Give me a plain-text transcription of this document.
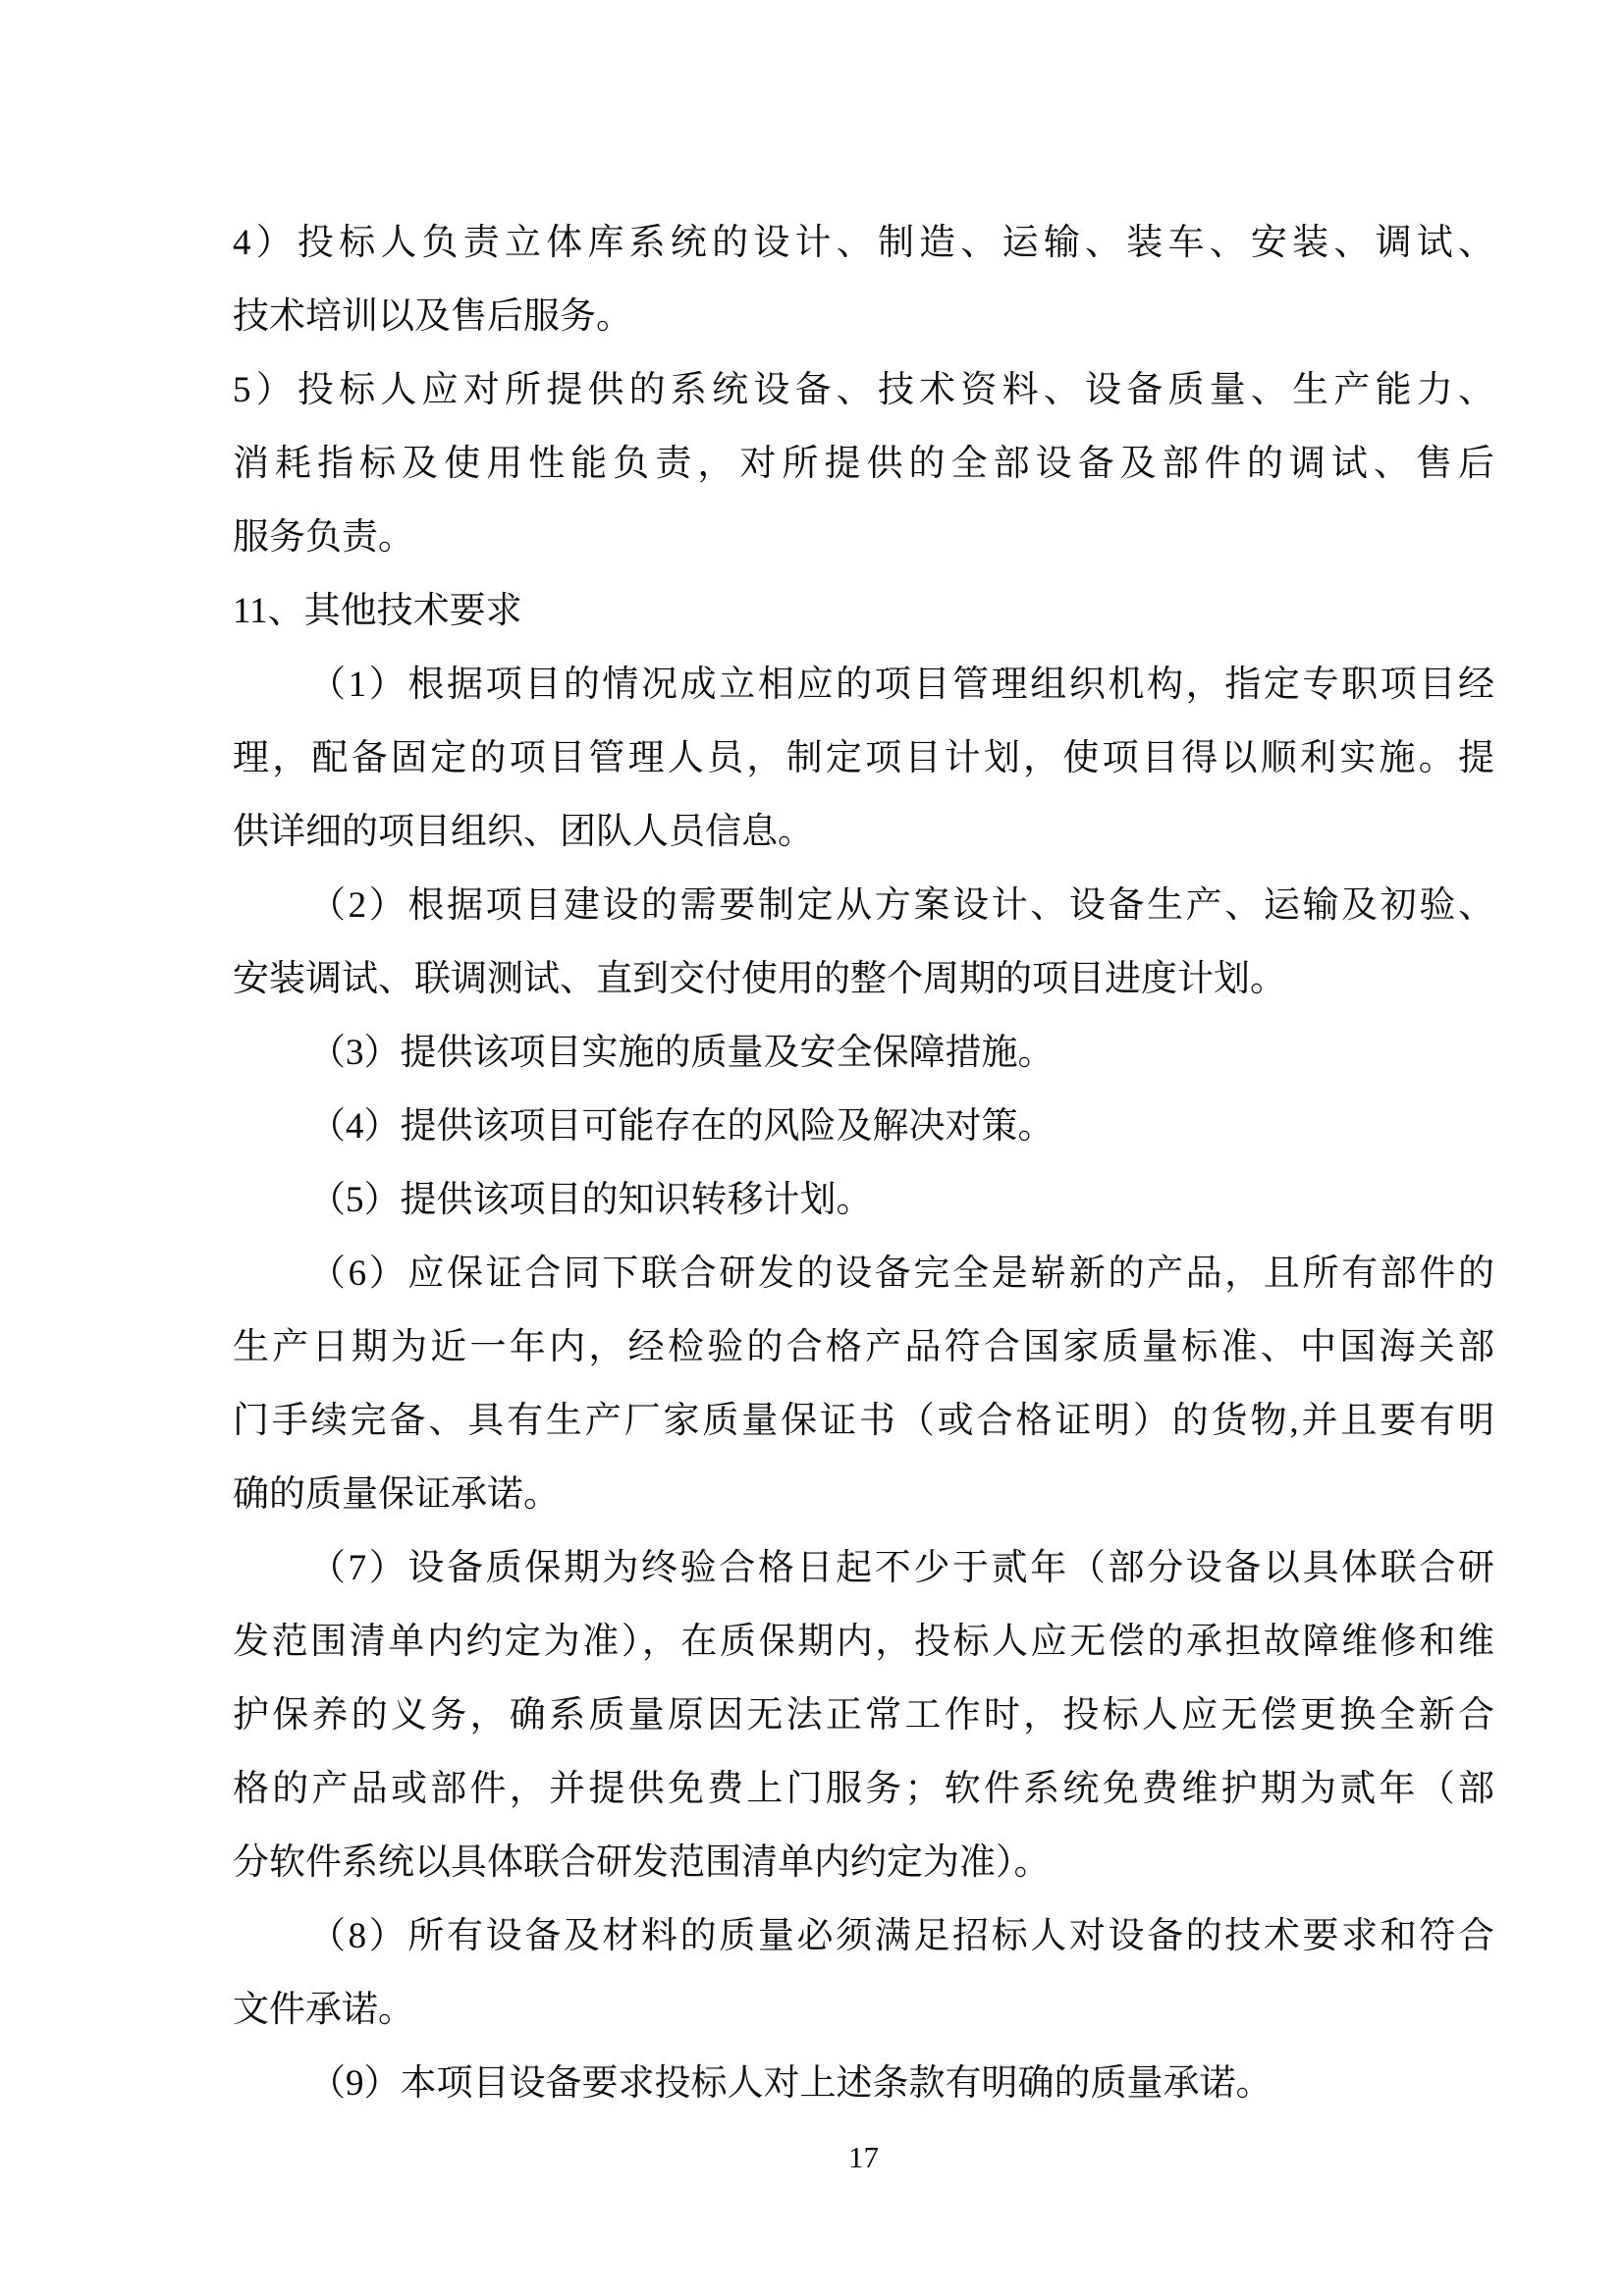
4）投标人负责立体库系统的设计、制造、运输、装车、安装、调试、
技术培训以及售后服务。
5）投标人应对所提供的系统设备、技术资料、设备质量、生产能力、
消耗指标及使用性能负责，对所提供的全部设备及部件的调试、售后
服务负责。
11、其他技术要求
（1）根据项目的情况成立相应的项目管理组织机构，指定专职项目经
理，配备固定的项目管理人员，制定项目计划，使项目得以顺利实施。提
供详细的项目组织、团队人员信息。
（2）根据项目建设的需要制定从方案设计、设备生产、运输及初验、
安装调试、联调测试、直到交付使用的整个周期的项目进度计划。
（3）提供该项目实施的质量及安全保障措施。
（4）提供该项目可能存在的风险及解决对策。
（5）提供该项目的知识转移计划。
（6）应保证合同下联合研发的设备完全是崭新的产品，且所有部件的
生产日期为近一年内，经检验的合格产品符合国家质量标准、中国海关部
门手续完备、具有生产厂家质量保证书（或合格证明）的货物,并且要有明
确的质量保证承诺。
（7）设备质保期为终验合格日起不少于贰年（部分设备以具体联合研
发范围清单内约定为准），在质保期内，投标人应无偿的承担故障维修和维
护保养的义务，确系质量原因无法正常工作时，投标人应无偿更换全新合
格的产品或部件，并提供免费上门服务；软件系统免费维护期为贰年（部
分软件系统以具体联合研发范围清单内约定为准）。
（8）所有设备及材料的质量必须满足招标人对设备的技术要求和符合
文件承诺。
（9）本项目设备要求投标人对上述条款有明确的质量承诺。
17
